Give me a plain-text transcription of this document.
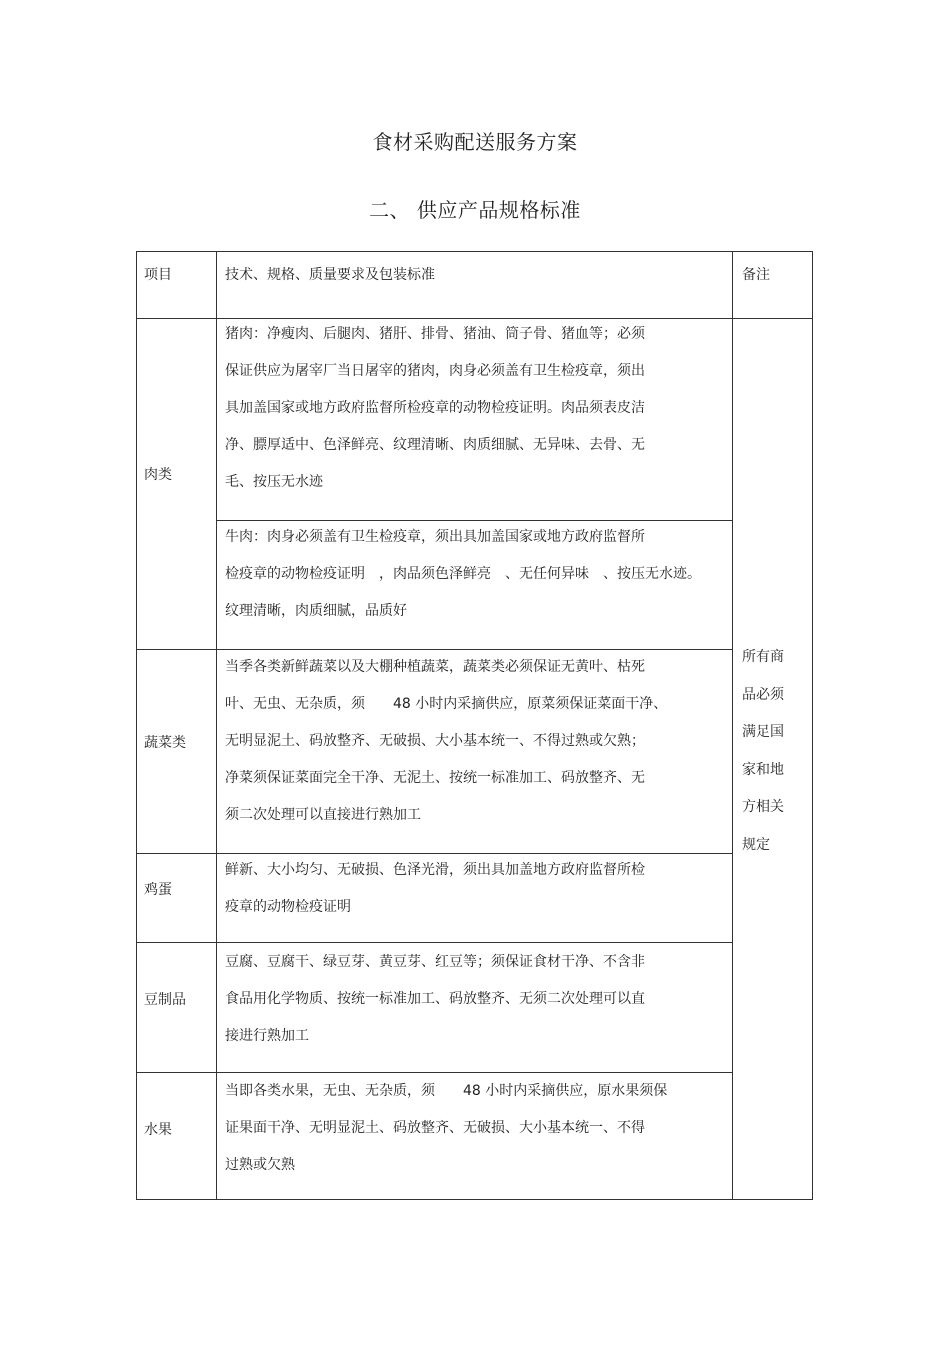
食材采购配送服务方案
二、 供应产品规格标准
项目	技术、规格、质量要求及包装标准	备注
肉类
猪肉：净瘦肉、后腿肉、猪肝、排骨、猪油、筒子骨、猪血等；必须
保证供应为屠宰厂当日屠宰的猪肉，肉身必须盖有卫生检疫章，须出
具加盖国家或地方政府监督所检疫章的动物检疫证明。肉品须表皮洁
净、膘厚适中、色泽鲜亮、纹理清晰、肉质细腻、无异味、去骨、无
毛、按压无水迹
牛肉：肉身必须盖有卫生检疫章，须出具加盖国家或地方政府监督所
检疫章的动物检疫证明　，肉品须色泽鲜亮　、无任何异味　、按压无水迹。
纹理清晰，肉质细腻，品质好
蔬菜类
当季各类新鲜蔬菜以及大棚种植蔬菜，蔬菜类必须保证无黄叶、枯死
叶、无虫、无杂质，须　　48 小时内采摘供应，原菜须保证菜面干净、
无明显泥土、码放整齐、无破损、大小基本统一、不得过熟或欠熟；
净菜须保证菜面完全干净、无泥土、按统一标准加工、码放整齐、无
须二次处理可以直接进行熟加工
鸡蛋
鲜新、大小均匀、无破损、色泽光滑，须出具加盖地方政府监督所检
疫章的动物检疫证明
豆制品
豆腐、豆腐干、绿豆芽、黄豆芽、红豆等；须保证食材干净、不含非
食品用化学物质、按统一标准加工、码放整齐、无须二次处理可以直
接进行熟加工
水果
当即各类水果，无虫、无杂质，须　　48 小时内采摘供应，原水果须保
证果面干净、无明显泥土、码放整齐、无破损、大小基本统一、不得
过熟或欠熟
所有商
品必须
满足国
家和地
方相关
规定
